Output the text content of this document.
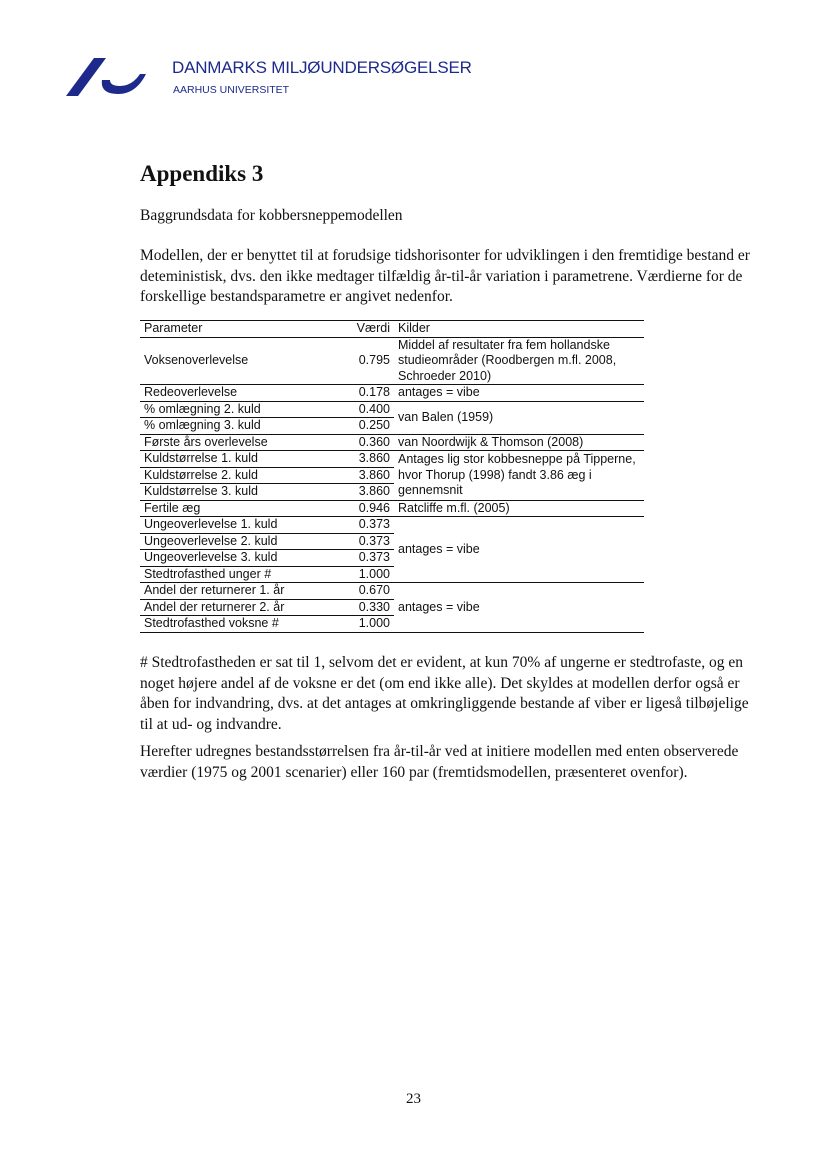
DANMARKS MILJØUNDERSØGELSER
AARHUS UNIVERSITET
Appendiks 3
Baggrundsdata for kobbersneppemodellen
Modellen, der er benyttet til at forudsige tidshorisonter for udviklingen i den fremtidige bestand er deteministisk, dvs. den ikke medtager tilfældig år-til-år variation i parametrene. Værdierne for de forskellige bestandsparametre er angivet nedenfor.
Parameter	Værdi	Kilder
Voksenoverlevelse	0.795	Middel af resultater fra fem hollandske studieområder (Roodbergen m.fl. 2008, Schroeder 2010)
Redeoverlevelse	0.178	antages = vibe
% omlægning 2. kuld	0.400	van Balen (1959)
% omlægning 3. kuld	0.250	
Første års overlevelse	0.360	van Noordwijk & Thomson (2008)
Kuldstørrelse 1. kuld	3.860	Antages lig stor kobbesneppe på Tipperne, hvor Thorup (1998) fandt 3.86 æg i gennemsnit
Kuldstørrelse 2. kuld	3.860	
Kuldstørrelse 3. kuld	3.860	
Fertile æg	0.946	Ratcliffe m.fl. (2005)
Ungeoverlevelse 1. kuld	0.373	antages = vibe
Ungeoverlevelse 2. kuld	0.373	
Ungeoverlevelse 3. kuld	0.373	
Stedtrofasthed unger #	1.000	
Andel der returnerer 1. år	0.670	antages = vibe
Andel der returnerer 2. år	0.330	
Stedtrofasthed voksne #	1.000	
# Stedtrofastheden er sat til 1, selvom det er evident, at kun 70% af ungerne er stedtrofaste, og en noget højere andel af de voksne er det (om end ikke alle). Det skyldes at modellen derfor også er åben for indvandring, dvs. at det antages at omkringliggende bestande af viber er ligeså tilbøjelige til at ud- og indvandre.
Herefter udregnes bestandsstørrelsen fra år-til-år ved at initiere modellen med enten observerede værdier (1975 og 2001 scenarier) eller 160 par (fremtidsmodellen, præsenteret ovenfor).
23
